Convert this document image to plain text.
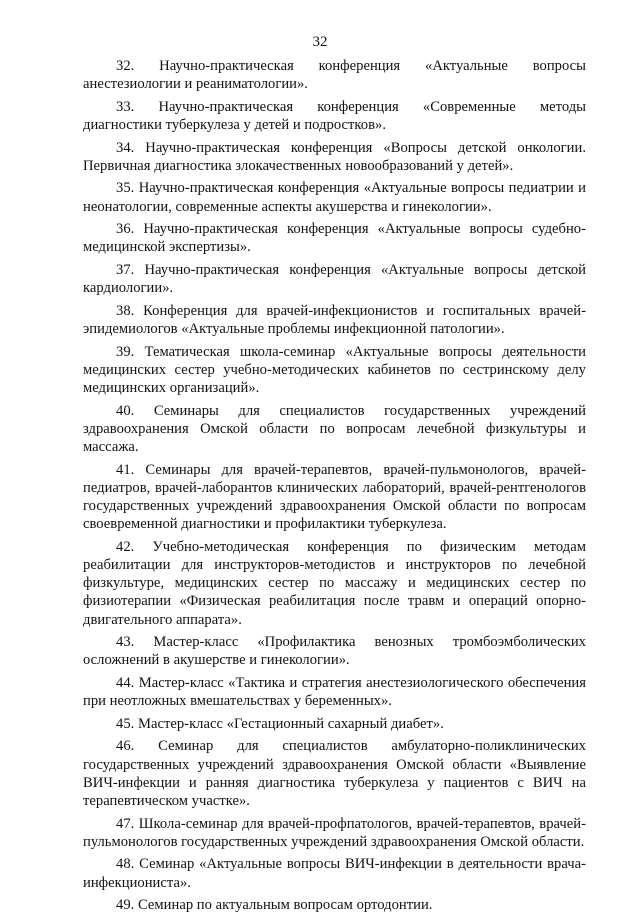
32

32. Научно-практическая конференция «Актуальные вопросы анестезиологии и реаниматологии».

33. Научно-практическая конференция «Современные методы диагностики туберкулеза у детей и подростков».

34. Научно-практическая конференция «Вопросы детской онкологии. Первичная диагностика злокачественных новообразований у детей».

35. Научно-практическая конференция «Актуальные вопросы педиатрии и неонатологии, современные аспекты акушерства и гинекологии».

36. Научно-практическая конференция «Актуальные вопросы судебно-медицинской экспертизы».

37. Научно-практическая конференция «Актуальные вопросы детской кардиологии».

38. Конференция для врачей-инфекционистов и госпитальных врачей-эпидемиологов «Актуальные проблемы инфекционной патологии».

39. Тематическая школа-семинар «Актуальные вопросы деятельности медицинских сестер учебно-методических кабинетов по сестринскому делу медицинских организаций».

40. Семинары для специалистов государственных учреждений здравоохранения Омской области по вопросам лечебной физкультуры и массажа.

41. Семинары для врачей-терапевтов, врачей-пульмонологов, врачей-педиатров, врачей-лаборантов клинических лабораторий, врачей-рентгенологов государственных учреждений здравоохранения Омской области по вопросам своевременной диагностики и профилактики туберкулеза.

42. Учебно-методическая конференция по физическим методам реабилитации для инструкторов-методистов и инструкторов по лечебной физкультуре, медицинских сестер по массажу и медицинских сестер по физиотерапии «Физическая реабилитация после травм и операций опорно-двигательного аппарата».

43. Мастер-класс «Профилактика венозных тромбоэмболических осложнений в акушерстве и гинекологии».

44. Мастер-класс «Тактика и стратегия анестезиологического обеспечения при неотложных вмешательствах у беременных».

45. Мастер-класс «Гестационный сахарный диабет».

46. Семинар для специалистов амбулаторно-поликлинических государственных учреждений здравоохранения Омской области «Выявление ВИЧ-инфекции и ранняя диагностика туберкулеза у пациентов с ВИЧ на терапевтическом участке».

47. Школа-семинар для врачей-профпатологов, врачей-терапевтов, врачей-пульмонологов государственных учреждений здравоохранения Омской области.

48. Семинар «Актуальные вопросы ВИЧ-инфекции в деятельности врача-инфекциониста».

49. Семинар по актуальным вопросам ортодонтии.
